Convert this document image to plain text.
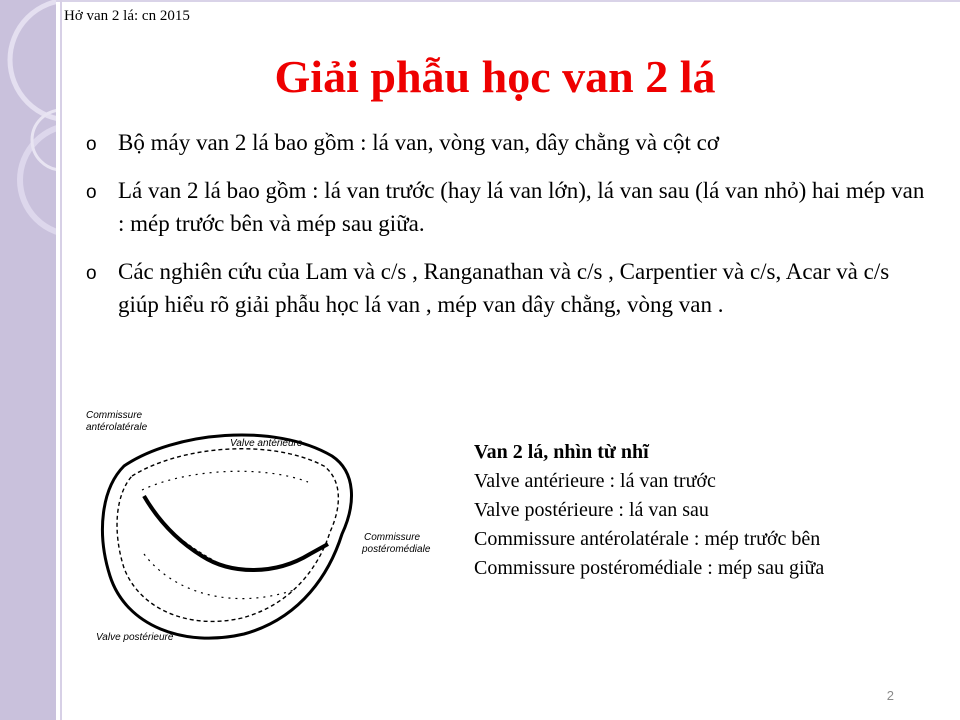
Hở van 2 lá: cn 2015
Giải phẫu học van 2 lá
o Bộ máy van 2 lá bao gồm : lá van, vòng van, dây chằng và cột cơ
o Lá van 2 lá bao gồm : lá van trước (hay lá van lớn), lá van sau (lá van nhỏ) hai mép van : mép trước bên và mép sau giữa.
o Các nghiên cứu của Lam và c/s , Ranganathan và c/s , Carpentier và c/s, Acar và c/s giúp hiểu rõ giải phẫu học lá van , mép van dây chằng, vòng van .
Commissure
antérolatérale
Valve antérieure
Commissure
postéromédiale
Valve postérieure
Van 2 lá, nhìn từ nhĩ
Valve antérieure : lá van trước
Valve postérieure : lá van sau
Commissure antérolatérale : mép trước bên
Commissure postéromédiale : mép sau giữa
2
